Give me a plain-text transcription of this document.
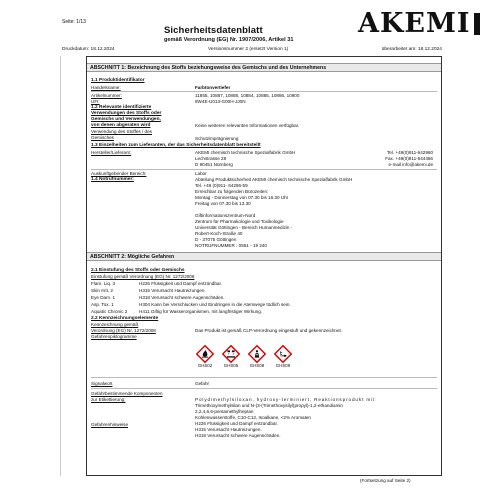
Seite: 1/13
Sicherheitsdatenblatt
gemäß Verordnung (EG) Nr. 1907/2006, Artikel 31
AKEMI
Druckdatum: 18.12.2024	Versionsnummer 2 (ersetzt Version 1)	überarbeitet am: 18.12.2024
ABSCHNITT 1: Bezeichnung des Stoffs beziehungsweise des Gemischs und des Unternehmens
1.1 Produktidentifikator
Handelsname:	Farbtonvertiefer
Artikelnummer:	11855, 10887, 10888, 10884, 10885, 10886, 10900
UFI:	8W4E-U013-G00H-JJ0N
1.2 Relevante identifizierte
Verwendungen des Stoffs oder
Gemischs und Verwendungen,
von denen abgeraten wird	Keine weiteren relevanten Informationen verfügbar.
Verwendung des Stoffes / des
Gemisches	Schutzimprägnierung
1.3 Einzelheiten zum Lieferanten, der das Sicherheitsdatenblatt bereitstellt
Hersteller/Lieferant:	AKEMI chemisch technische Spezialfabrik GmbH
Lechstrasse 28
D 90451 Nürnberg
Tel. +49(0)911-642960
Fax. +49(0)911-644456
e-mail info@akemi.de
Auskunftgebender Bereich:	Labor
1.4 Notrufnummer:	Abteilung Produktsicherheit AKEMI chemisch technische Spezialfabrik GmbH
Tel. +49 (0)911- 64296-59
Erreichbar zu folgenden Bürozeiten:
Montag - Donnerstag von 07.30 bis 16.30 Uhr
Freitag von 07.30 bis 13.30
Giftinformationszentrum-Nord
Zentrum für Pharmakologie und Toxikologie
Universität Göttingen - Bereich Humanmedizin -
Robert-Koch-Straße 40
D - 37075 Göttingen
NOTRUFNUMMER : 0551 - 19 240
ABSCHNITT 2: Mögliche Gefahren
2.1 Einstufung des Stoffs oder Gemischs
Einstufung gemäß Verordnung (EG) Nr. 1272/2008
Flam. Liq. 3	H226 Flüssigkeit und Dampf entzündbar.
Skin Irrit. 2	H315 Verursacht Hautreizungen.
Eye Dam. 1	H318 Verursacht schwere Augenschäden.
Asp. Tox. 1	H304 Kann bei Verschlucken und Eindringen in die Atemwege tödlich sein.
Aquatic Chronic 2	H411 Giftig für Wasserorganismen, mit langfristiger Wirkung.
2.2 Kennzeichnungselemente
Kennzeichnung gemäß
Verordnung (EG) Nr. 1272/2008	Das Produkt ist gemäß CLP-Verordnung eingestuft und gekennzeichnet.
Gefahrenpiktogramme
Signalwort	Gefahr
Gefahrbestimmende Komponenten
zur Etikettierung:	Polydimethylsiloxan, hydroxy-terminiert, Reaktionsprodukt mit
Trimethoxymethylsilan und N-(3-(Trimethoxysilyl)propyl)-1,2-ethandiamin
2,2,4,6,6-pentamethylheptan
Kohlenwasserstoffe, C10-C12, Isoalkane, <2% Aromaten
Gefahrenhinweise	H226 Flüssigkeit und Dampf entzündbar.
H315 Verursacht Hautreizungen.
H318 Verursacht schwere Augenschäden.
GHS02	GHS05	GHS08	GHS09
(Fortsetzung auf Seite 2)
